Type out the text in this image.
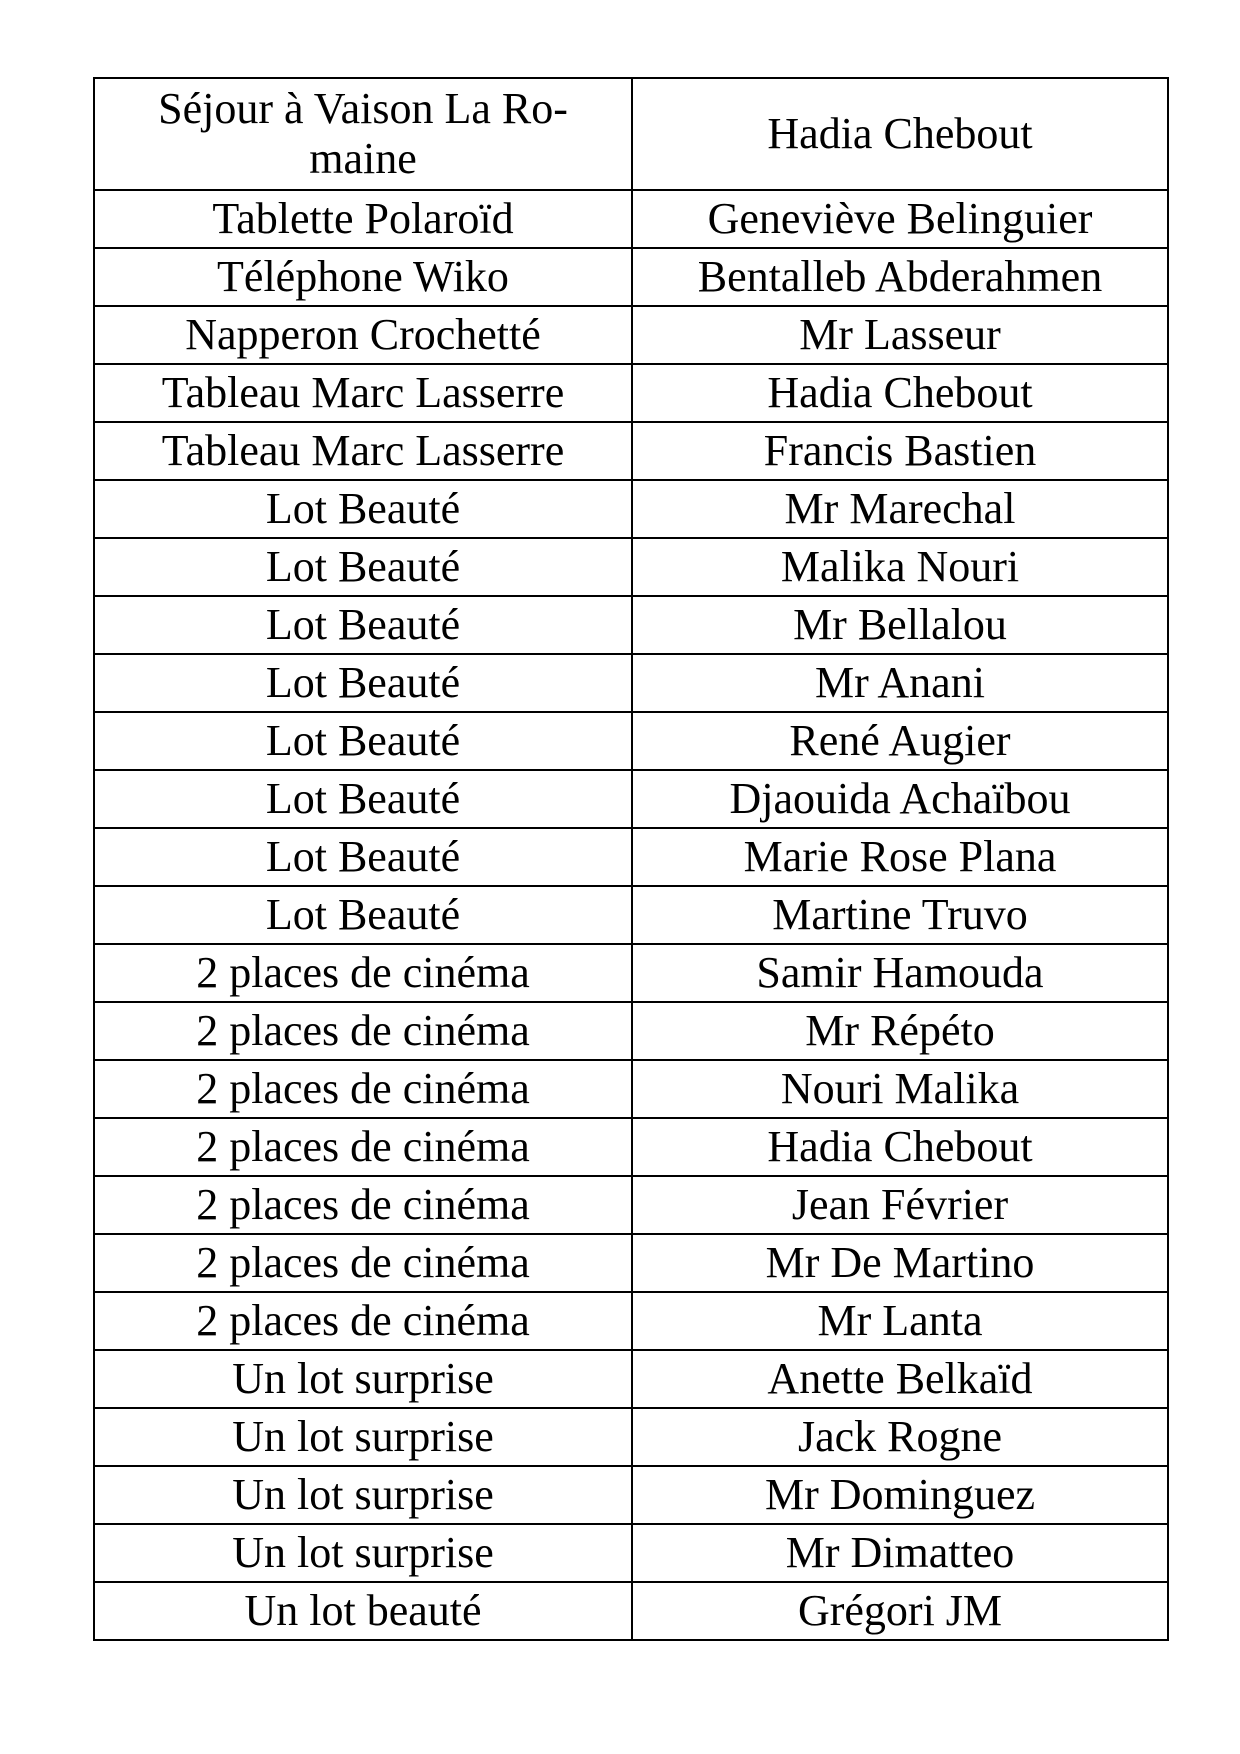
Séjour à Vaison La Ro-
maine	Hadia Chebout
Tablette Polaroïd	Geneviève Belinguier
Téléphone Wiko	Bentalleb Abderahmen
Napperon Crochetté	Mr Lasseur
Tableau Marc Lasserre	Hadia Chebout
Tableau Marc Lasserre	Francis Bastien
Lot Beauté	Mr Marechal
Lot Beauté	Malika Nouri
Lot Beauté	Mr Bellalou
Lot Beauté	Mr Anani
Lot Beauté	René Augier
Lot Beauté	Djaouida Achaïbou
Lot Beauté	Marie Rose Plana
Lot Beauté	Martine Truvo
2 places de cinéma	Samir Hamouda
2 places de cinéma	Mr Répéto
2 places de cinéma	Nouri Malika
2 places de cinéma	Hadia Chebout
2 places de cinéma	Jean Février
2 places de cinéma	Mr De Martino
2 places de cinéma	Mr Lanta
Un lot surprise	Anette Belkaïd
Un lot surprise	Jack Rogne
Un lot surprise	Mr Dominguez
Un lot surprise	Mr Dimatteo
Un lot beauté	Grégori JM
